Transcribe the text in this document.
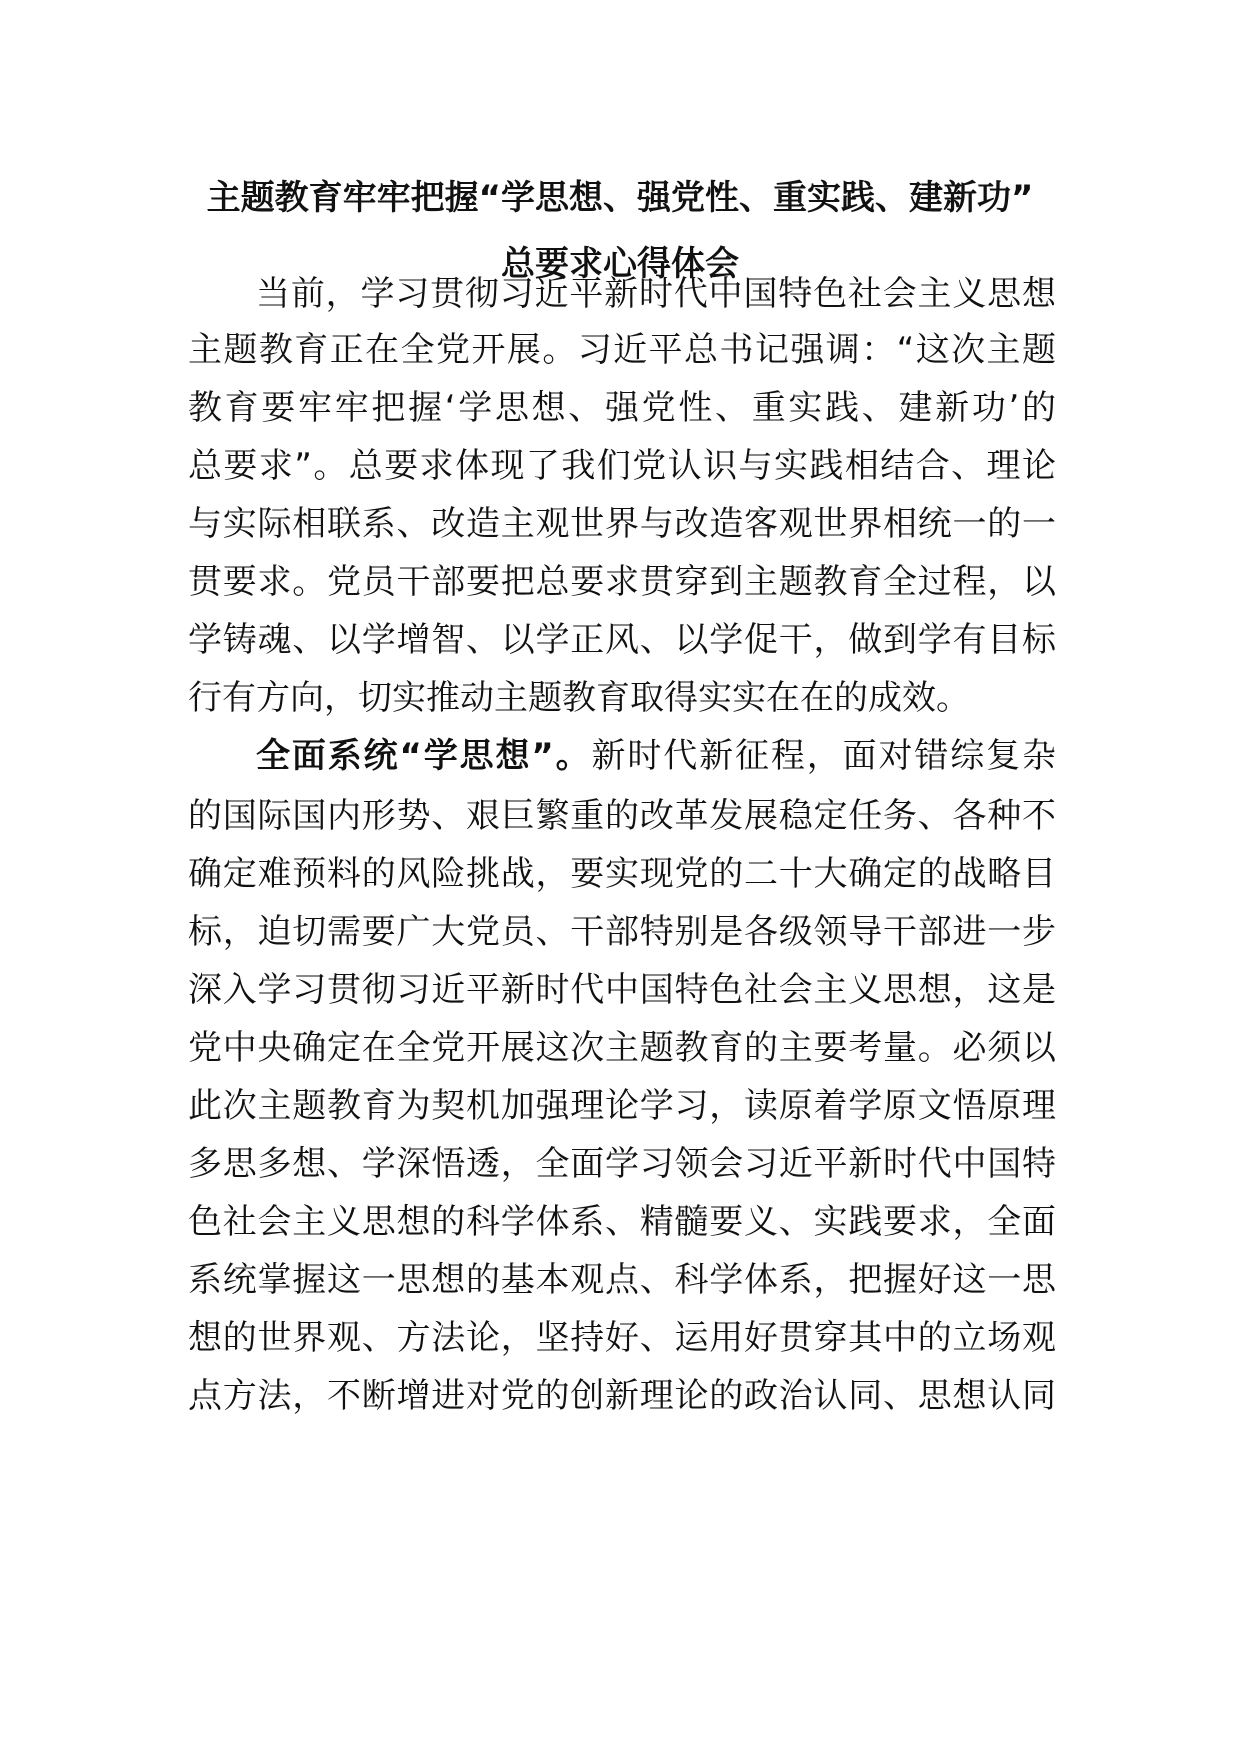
主题教育牢牢把握“学思想、强党性、重实践、建新功”
总要求心得体会
当前，学习贯彻习近平新时代中国特色社会主义思想
主题教育正在全党开展。习近平总书记强调：“这次主题
教育要牢牢把握‘学思想、强党性、重实践、建新功’的
总要求”。总要求体现了我们党认识与实践相结合、理论
与实际相联系、改造主观世界与改造客观世界相统一的一
贯要求。党员干部要把总要求贯穿到主题教育全过程，以
学铸魂、以学增智、以学正风、以学促干，做到学有目标
行有方向，切实推动主题教育取得实实在在的成效。
全面系统“学思想”。新时代新征程，面对错综复杂
的国际国内形势、艰巨繁重的改革发展稳定任务、各种不
确定难预料的风险挑战，要实现党的二十大确定的战略目
标，迫切需要广大党员、干部特别是各级领导干部进一步
深入学习贯彻习近平新时代中国特色社会主义思想，这是
党中央确定在全党开展这次主题教育的主要考量。必须以
此次主题教育为契机加强理论学习，读原着学原文悟原理
多思多想、学深悟透，全面学习领会习近平新时代中国特
色社会主义思想的科学体系、精髓要义、实践要求，全面
系统掌握这一思想的基本观点、科学体系，把握好这一思
想的世界观、方法论，坚持好、运用好贯穿其中的立场观
点方法，不断增进对党的创新理论的政治认同、思想认同
